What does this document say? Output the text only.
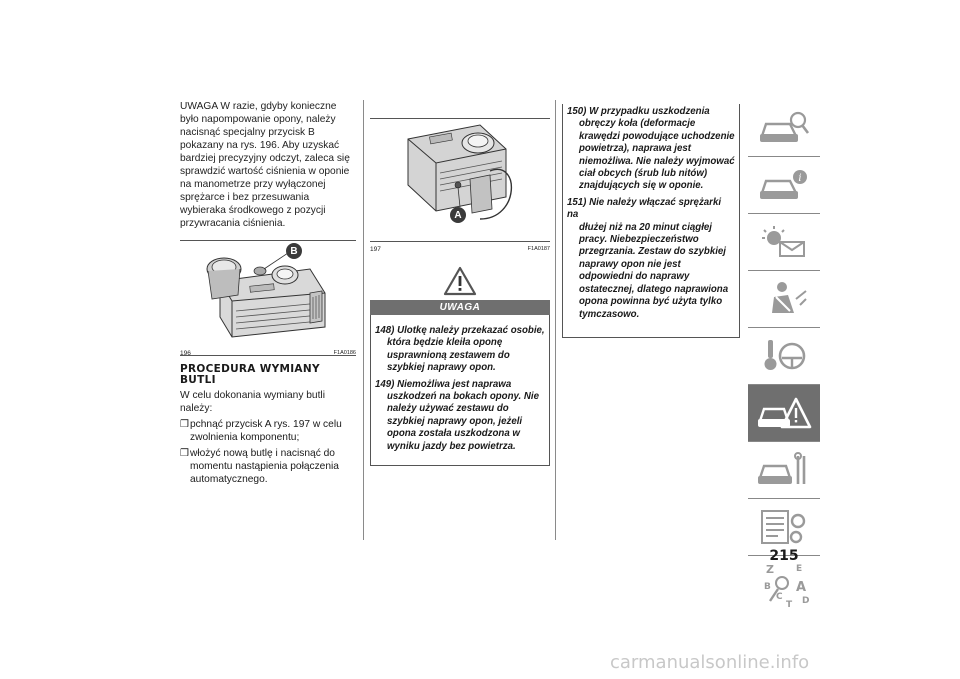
UWAGA W razie, gdyby konieczne było napompowanie opony, należy nacisnąć specjalny przycisk B pokazany na rys. 196. Aby uzyskać bardziej precyzyjny odczyt, zaleca się sprawdzić wartość ciśnienia w oponie na manometrze przy wyłączonej sprężarce i bez przesuwania wybieraka środkowego z pozycji przywracania ciśnienia.

B
196	F1A0186
PROCEDURA WYMIANY
BUTLI

W celu dokonania wymiany butli należy:

❒ pchnąć przycisk A rys. 197 w celu zwolnienia komponentu;
❒ włożyć nową butlę i nacisnąć do momentu nastąpienia połączenia automatycznego.
A
197	F1A0187
UWAGA
148) Ulotkę należy przekazać osobie,
która będzie kleiła oponę usprawnioną zestawem do szybkiej naprawy opon.
149) Niemożliwa jest naprawa
uszkodzeń na bokach opony. Nie należy używać zestawu do szybkiej naprawy opon, jeżeli opona została uszkodzona w wyniku jazdy bez powietrza.
150) W przypadku uszkodzenia
obręczy koła (deformacje krawędzi powodujące uchodzenie powietrza), naprawa jest niemożliwa. Nie należy wyjmować ciał obcych (śrub lub nitów) znajdujących się w oponie.
151) Nie należy włączać sprężarki na
dłużej niż na 20 minut ciągłej pracy. Niebezpieczeństwo przegrzania. Zestaw do szybkiej naprawy opon nie jest odpowiedni do naprawy ostatecznej, dlatego naprawiona opona powinna być użyta tylko tymczasowo.
i
Z E
B A
C
T D
215
carmanualsonline.info
